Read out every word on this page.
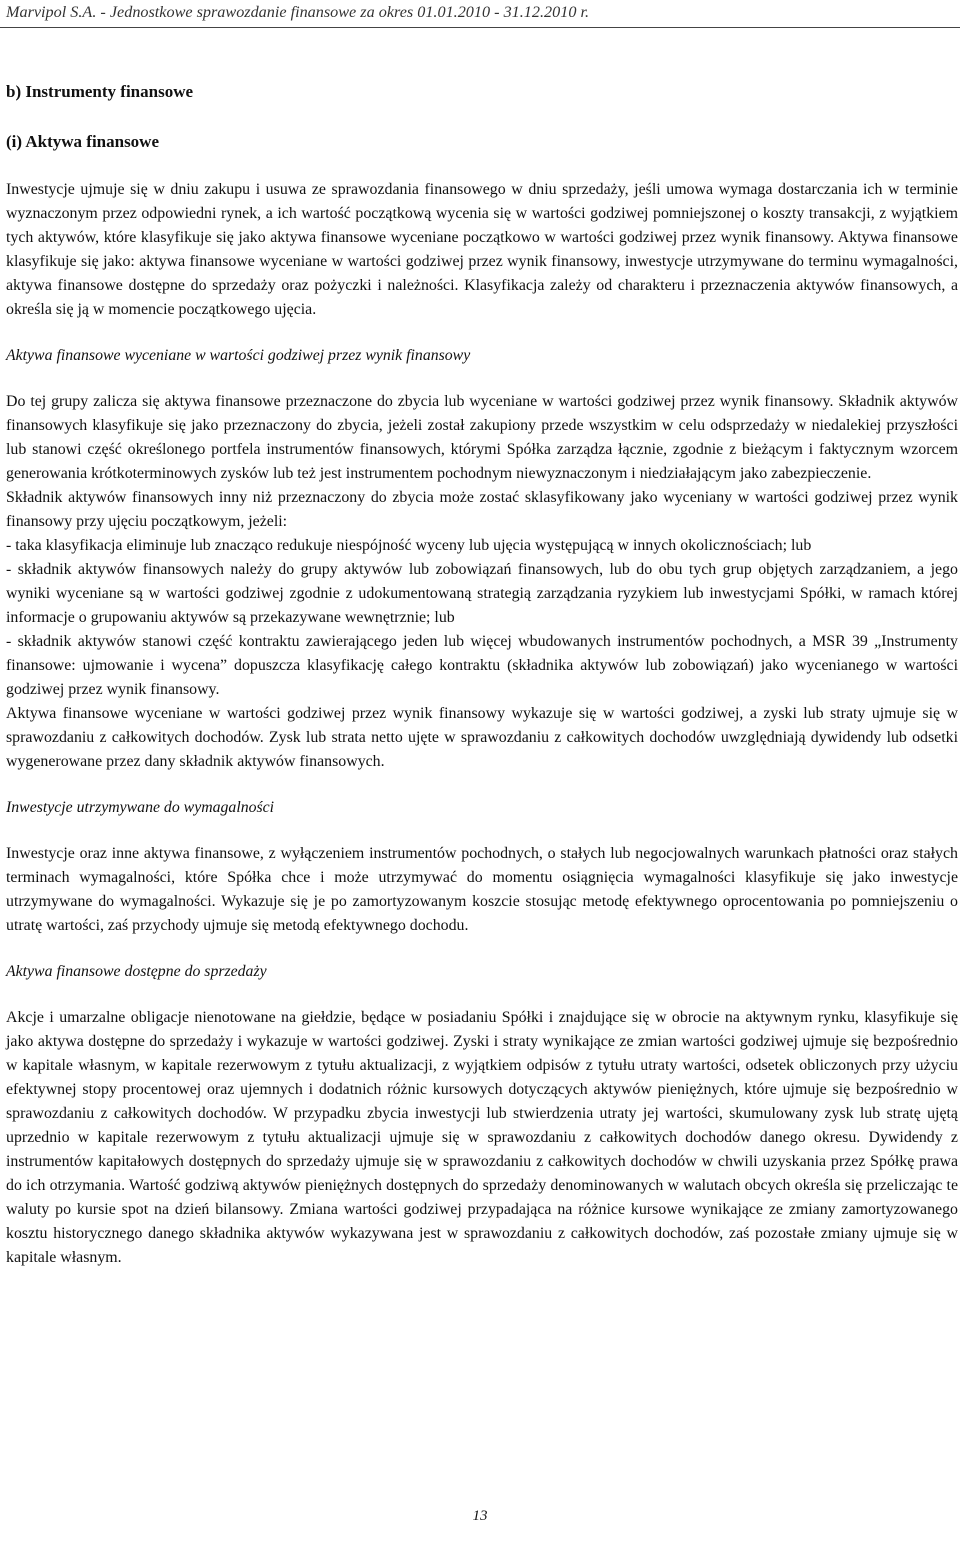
Marvipol S.A. - Jednostkowe sprawozdanie finansowe za okres 01.01.2010 - 31.12.2010 r.
b) Instrumenty finansowe
(i) Aktywa finansowe

Inwestycje ujmuje się w dniu zakupu i usuwa ze sprawozdania finansowego w dniu sprzedaży, jeśli umowa wymaga dostarczania ich w terminie wyznaczonym przez odpowiedni rynek, a ich wartość początkową wycenia się w wartości godziwej pomniejszonej o koszty transakcji, z wyjątkiem tych aktywów, które klasyfikuje się jako aktywa finansowe wyceniane początkowo w wartości godziwej przez wynik finansowy. Aktywa finansowe klasyfikuje się jako: aktywa finansowe wyceniane w wartości godziwej przez wynik finansowy, inwestycje utrzymywane do terminu wymagalności, aktywa finansowe dostępne do sprzedaży oraz pożyczki i należności. Klasyfikacja zależy od charakteru i przeznaczenia aktywów finansowych, a określa się ją w momencie początkowego ujęcia.

Aktywa finansowe wyceniane w wartości godziwej przez wynik finansowy

Do tej grupy zalicza się aktywa finansowe przeznaczone do zbycia lub wyceniane w wartości godziwej przez wynik finansowy. Składnik aktywów finansowych klasyfikuje się jako przeznaczony do zbycia, jeżeli został zakupiony przede wszystkim w celu odsprzedaży w niedalekiej przyszłości lub stanowi część określonego portfela instrumentów finansowych, którymi Spółka zarządza łącznie, zgodnie z bieżącym i faktycznym wzorcem generowania krótkoterminowych zysków lub też jest instrumentem pochodnym niewyznaczonym i niedziałającym jako zabezpieczenie.

Składnik aktywów finansowych inny niż przeznaczony do zbycia może zostać sklasyfikowany jako wyceniany w wartości godziwej przez wynik finansowy przy ujęciu początkowym, jeżeli:

- taka klasyfikacja eliminuje lub znacząco redukuje niespójność wyceny lub ujęcia występującą w innych okolicznościach; lub

- składnik aktywów finansowych należy do grupy aktywów lub zobowiązań finansowych, lub do obu tych grup objętych zarządzaniem, a jego wyniki wyceniane są w wartości godziwej zgodnie z udokumentowaną strategią zarządzania ryzykiem lub inwestycjami Spółki, w ramach której informacje o grupowaniu aktywów są przekazywane wewnętrznie; lub

- składnik aktywów stanowi część kontraktu zawierającego jeden lub więcej wbudowanych instrumentów pochodnych, a MSR 39 „Instrumenty finansowe: ujmowanie i wycena” dopuszcza klasyfikację całego kontraktu (składnika aktywów lub zobowiązań) jako wycenianego w wartości godziwej przez wynik finansowy.

Aktywa finansowe wyceniane w wartości godziwej przez wynik finansowy wykazuje się w wartości godziwej, a zyski lub straty ujmuje się w sprawozdaniu z całkowitych dochodów. Zysk lub strata netto ujęte w sprawozdaniu z całkowitych dochodów uwzględniają dywidendy lub odsetki wygenerowane przez dany składnik aktywów finansowych.

Inwestycje utrzymywane do wymagalności

Inwestycje oraz inne aktywa finansowe, z wyłączeniem instrumentów pochodnych, o stałych lub negocjowalnych warunkach płatności oraz stałych terminach wymagalności, które Spółka chce i może utrzymywać do momentu osiągnięcia wymagalności klasyfikuje się jako inwestycje utrzymywane do wymagalności. Wykazuje się je po zamortyzowanym koszcie stosując metodę efektywnego oprocentowania po pomniejszeniu o utratę wartości, zaś przychody ujmuje się metodą efektywnego dochodu.

Aktywa finansowe dostępne do sprzedaży

Akcje i umarzalne obligacje nienotowane na giełdzie, będące w posiadaniu Spółki i znajdujące się w obrocie na aktywnym rynku, klasyfikuje się jako aktywa dostępne do sprzedaży i wykazuje w wartości godziwej. Zyski i straty wynikające ze zmian wartości godziwej ujmuje się bezpośrednio w kapitale własnym, w kapitale rezerwowym z tytułu aktualizacji, z wyjątkiem odpisów z tytułu utraty wartości, odsetek obliczonych przy użyciu efektywnej stopy procentowej oraz ujemnych i dodatnich różnic kursowych dotyczących aktywów pieniężnych, które ujmuje się bezpośrednio w sprawozdaniu z całkowitych dochodów. W przypadku zbycia inwestycji lub stwierdzenia utraty jej wartości, skumulowany zysk lub stratę ujętą uprzednio w kapitale rezerwowym z tytułu aktualizacji ujmuje się w sprawozdaniu z całkowitych dochodów danego okresu. Dywidendy z instrumentów kapitałowych dostępnych do sprzedaży ujmuje się w sprawozdaniu z całkowitych dochodów w chwili uzyskania przez Spółkę prawa do ich otrzymania. Wartość godziwą aktywów pieniężnych dostępnych do sprzedaży denominowanych w walutach obcych określa się przeliczając te waluty po kursie spot na dzień bilansowy. Zmiana wartości godziwej przypadająca na różnice kursowe wynikające ze zmiany zamortyzowanego kosztu historycznego danego składnika aktywów wykazywana jest w sprawozdaniu z całkowitych dochodów, zaś pozostałe zmiany ujmuje się w kapitale własnym.

13
